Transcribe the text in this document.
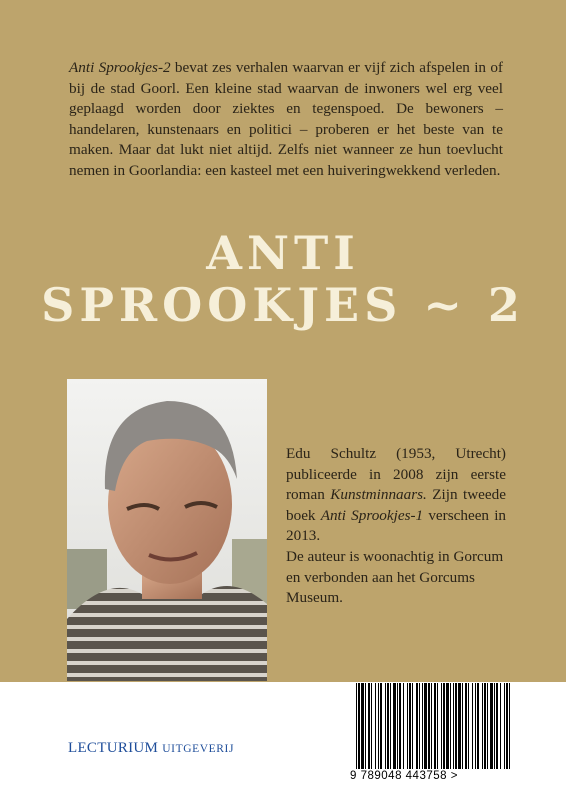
Anti Sprookjes-2 bevat zes verhalen waarvan er vijf zich afspelen in of bij de stad Goorl. Een kleine stad waarvan de inwoners wel erg veel geplaagd worden door ziektes en tegenspoed. De bewoners – handelaren, kunstenaars en politici – proberen er het beste van te maken. Maar dat lukt niet altijd. Zelfs niet wanneer ze hun toevlucht nemen in Goorlandia: een kasteel met een huiveringwekkend verleden.

ANTI
SPROOKJES ~ 2

Edu Schultz (1953, Utrecht) publiceerde in 2008 zijn eerste roman Kunstminnaars. Zijn tweede boek Anti Sprookjes-1 verscheen in 2013.

De auteur is woonachtig in Gorcum en verbonden aan het Gorcums Museum.

LECTURIUM UITGEVERIJ
9 789048 443758 >
